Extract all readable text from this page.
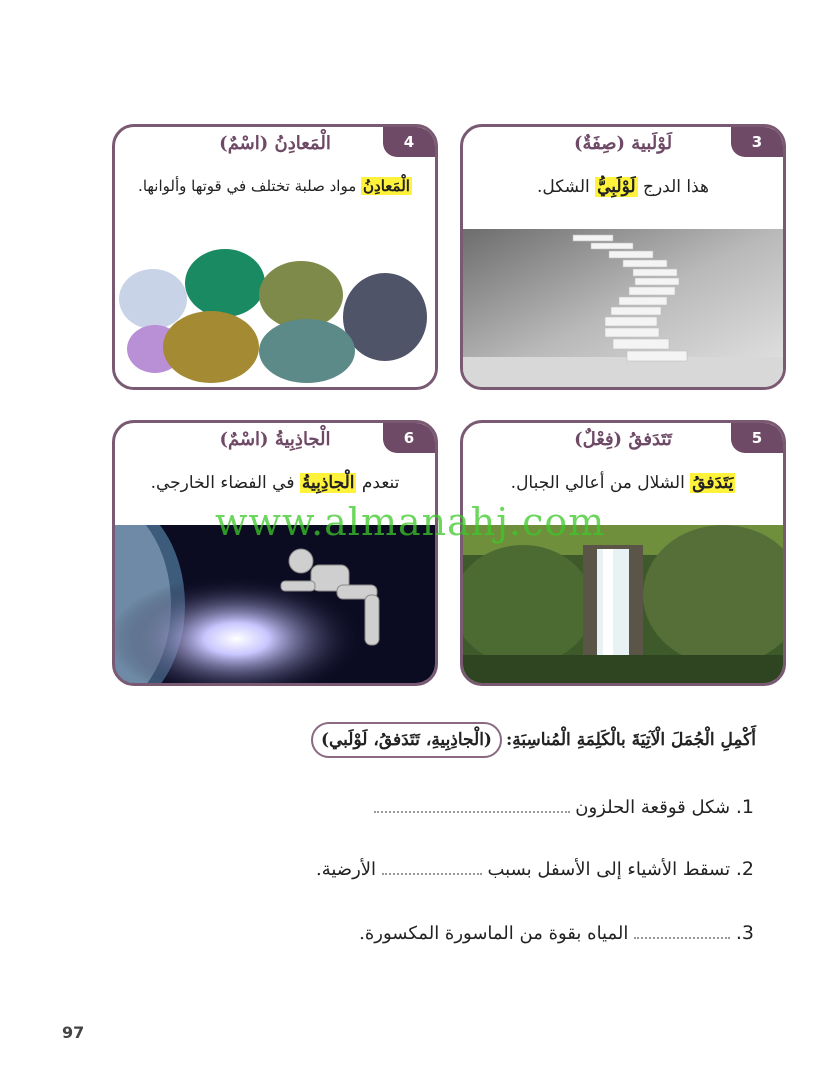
3
لَوْلَبية (صِفَةٌ)
هذا الدرج لَوْلَبِيُّ الشكل.
4
الْمَعادِنُ (اسْمٌ)
الْمَعادِنُ مواد صلبة تختلف في قوتها وألوانها.
5
تَتَدَفقُ (فِعْلٌ)
يَتَدَفقُ الشلال من أعالي الجبال.
6
الْجاذِبِيةُ (اسْمٌ)
تنعدم الْجاذِبِيةُ في الفضاء الخارجي.
www.almanahj.com
أَكْمِلِ الْجُمَلَ الْآتِيَةَ بالْكَلِمَةِ الْمُناسِبَةِ:
(الْجاذِبِيةِ، تَتَدَفقُ، لَوْلَبي)
1. شكل قوقعة الحلزون
2. تسقط الأشياء إلى الأسفل بسبب  الأرضية.
3.  المياه بقوة من الماسورة المكسورة.
97
